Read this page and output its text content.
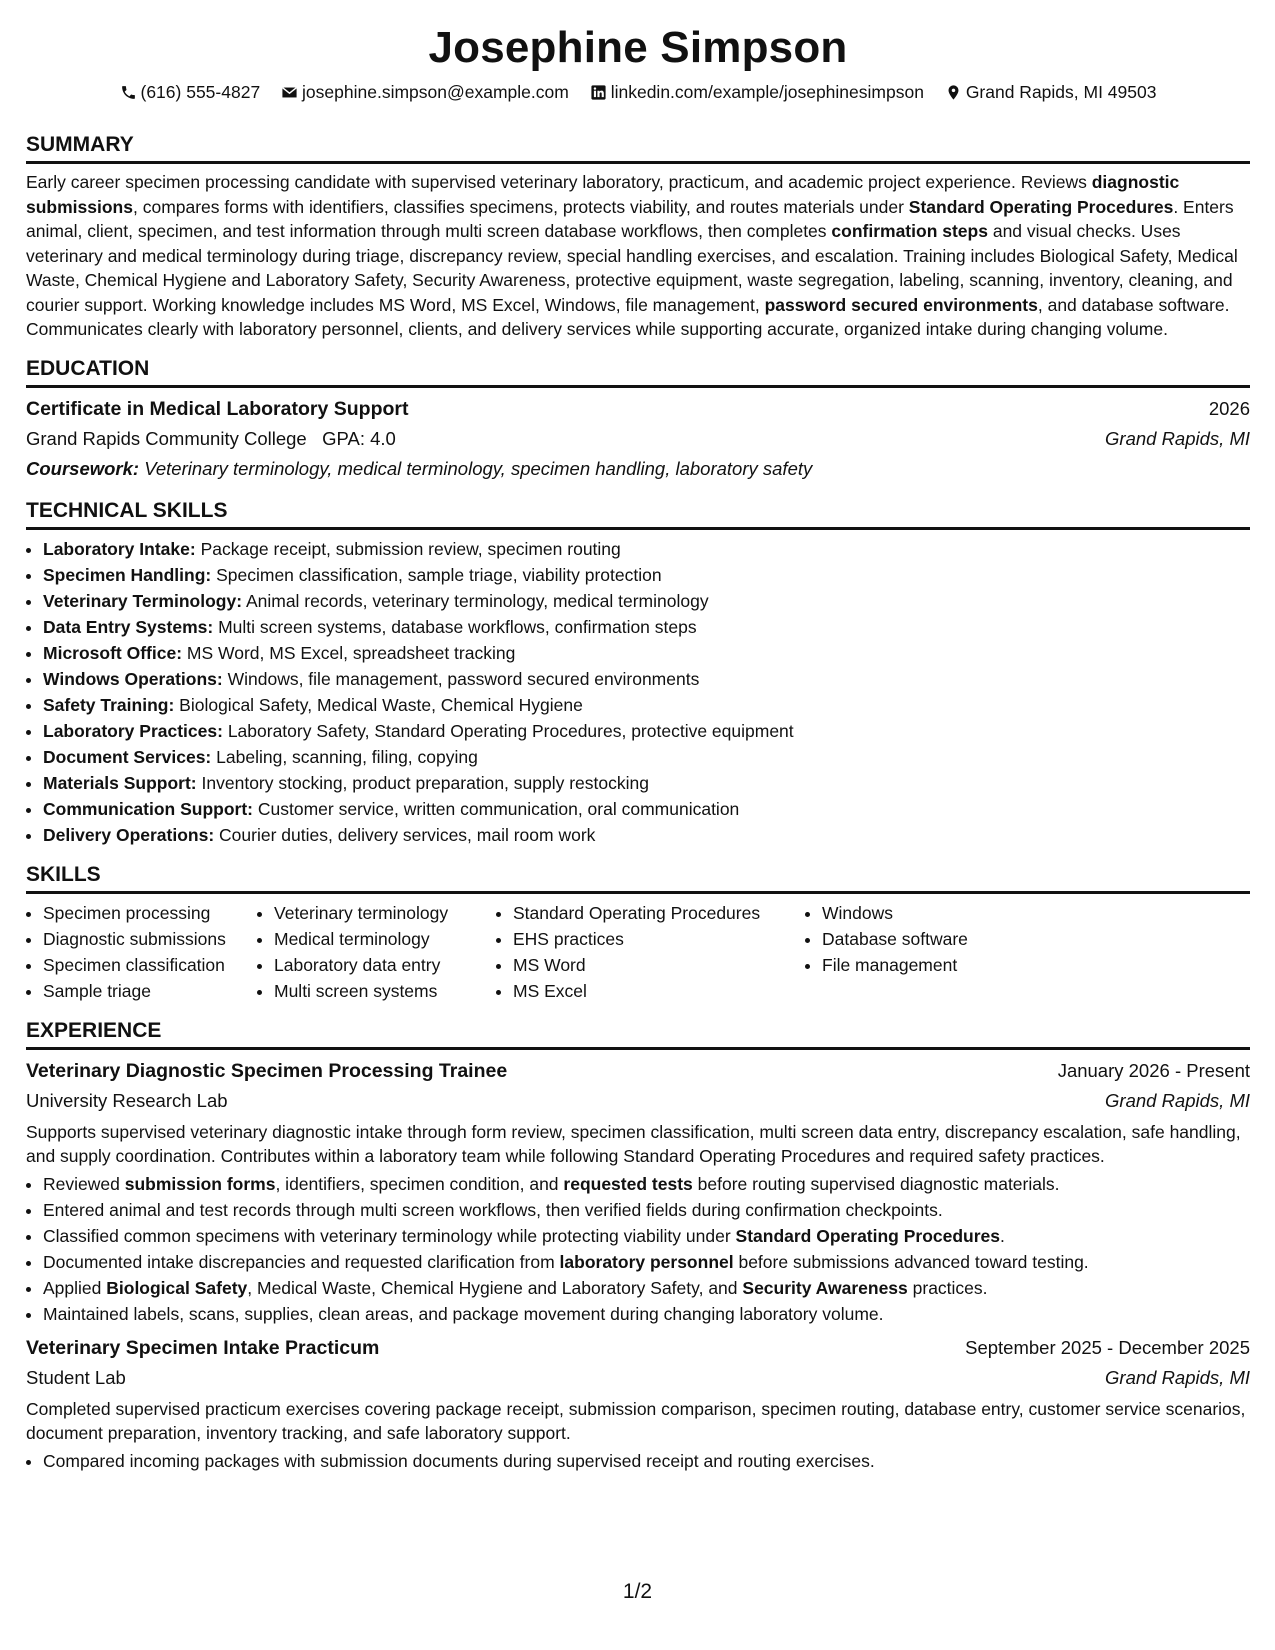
Josephine Simpson
(616) 555-4827 josephine.simpson@example.com linkedin.com/example/josephinesimpson Grand Rapids, MI 49503
SUMMARY

Early career specimen processing candidate with supervised veterinary laboratory, practicum, and academic project experience. Reviews diagnostic submissions, compares forms with identifiers, classifies specimens, protects viability, and routes materials under Standard Operating Procedures. Enters animal, client, specimen, and test information through multi screen database workflows, then completes confirmation steps and visual checks. Uses veterinary and medical terminology during triage, discrepancy review, special handling exercises, and escalation. Training includes Biological Safety, Medical Waste, Chemical Hygiene and Laboratory Safety, Security Awareness, protective equipment, waste segregation, labeling, scanning, inventory, cleaning, and courier support. Working knowledge includes MS Word, MS Excel, Windows, file management, password secured environments, and database software. Communicates clearly with laboratory personnel, clients, and delivery services while supporting accurate, organized intake during changing volume.

EDUCATION
Certificate in Medical Laboratory Support	2026
Grand Rapids Community College GPA: 4.0	Grand Rapids, MI
Coursework: Veterinary terminology, medical terminology, specimen handling, laboratory safety
TECHNICAL SKILLS
• Laboratory Intake: Package receipt, submission review, specimen routing
• Specimen Handling: Specimen classification, sample triage, viability protection
• Veterinary Terminology: Animal records, veterinary terminology, medical terminology
• Data Entry Systems: Multi screen systems, database workflows, confirmation steps
• Microsoft Office: MS Word, MS Excel, spreadsheet tracking
• Windows Operations: Windows, file management, password secured environments
• Safety Training: Biological Safety, Medical Waste, Chemical Hygiene
• Laboratory Practices: Laboratory Safety, Standard Operating Procedures, protective equipment
• Document Services: Labeling, scanning, filing, copying
• Materials Support: Inventory stocking, product preparation, supply restocking
• Communication Support: Customer service, written communication, oral communication
• Delivery Operations: Courier duties, delivery services, mail room work
SKILLS
• Specimen processing
• Diagnostic submissions
• Specimen classification
• Sample triage
• Veterinary terminology
• Medical terminology
• Laboratory data entry
• Multi screen systems
• Standard Operating Procedures
• EHS practices
• MS Word
• MS Excel
• Windows
• Database software
• File management
EXPERIENCE
Veterinary Diagnostic Specimen Processing Trainee	January 2026 - Present
University Research Lab	Grand Rapids, MI
Supports supervised veterinary diagnostic intake through form review, specimen classification, multi screen data entry, discrepancy escalation, safe handling, and supply coordination. Contributes within a laboratory team while following Standard Operating Procedures and required safety practices.
• Reviewed submission forms, identifiers, specimen condition, and requested tests before routing supervised diagnostic materials.
• Entered animal and test records through multi screen workflows, then verified fields during confirmation checkpoints.
• Classified common specimens with veterinary terminology while protecting viability under Standard Operating Procedures.
• Documented intake discrepancies and requested clarification from laboratory personnel before submissions advanced toward testing.
• Applied Biological Safety, Medical Waste, Chemical Hygiene and Laboratory Safety, and Security Awareness practices.
• Maintained labels, scans, supplies, clean areas, and package movement during changing laboratory volume.
Veterinary Specimen Intake Practicum	September 2025 - December 2025
Student Lab	Grand Rapids, MI
Completed supervised practicum exercises covering package receipt, submission comparison, specimen routing, database entry, customer service scenarios, document preparation, inventory tracking, and safe laboratory support.
• Compared incoming packages with submission documents during supervised receipt and routing exercises.
1/2
